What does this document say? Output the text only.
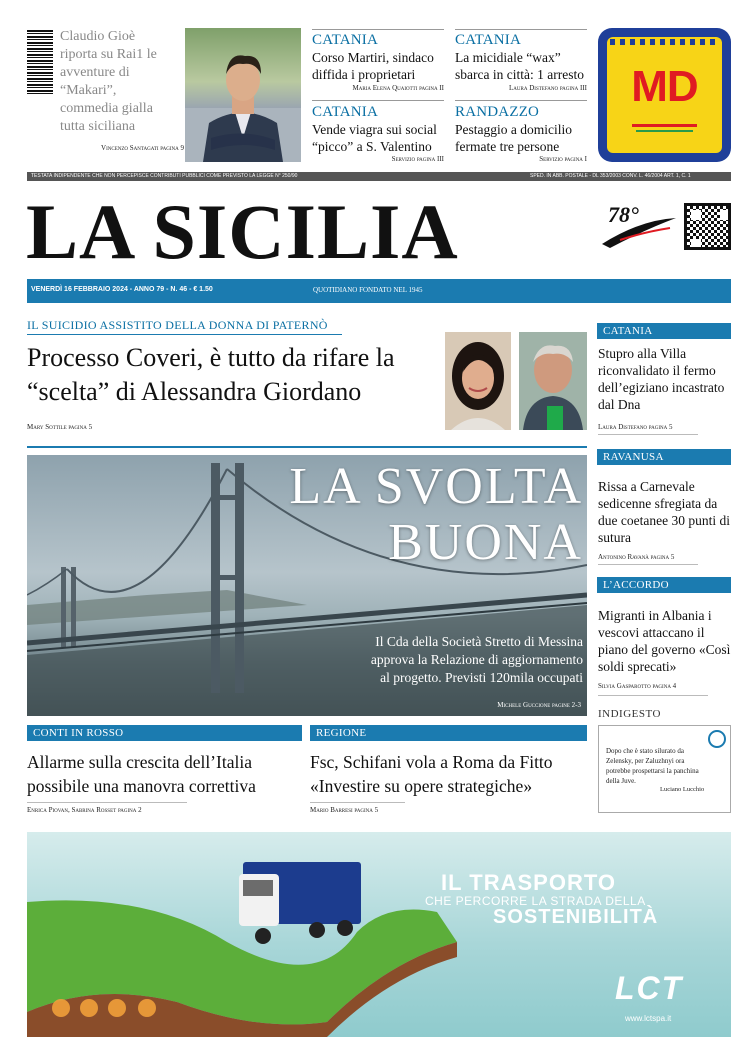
Claudio Gioè riporta su Rai1 le avventure di “Makari”, commedia gialla tutta siciliana
Vincenzo Santagati pagina 9
CATANIA
Corso Martiri, sindaco diffida i proprietari
Maria Elena Quaiotti pagina II
CATANIA
La micidiale “wax” sbarca in città: 1 arresto
Laura Distefano pagina III
CATANIA
Vende viagra sui social “picco” a S. Valentino
Servizio pagina III
RANDAZZO
Pestaggio a domicilio fermate tre persone
Servizio pagina I
MD
TESTATA INDIPENDENTE CHE NON PERCEPISCE CONTRIBUTI PUBBLICI COME PREVISTO LA LEGGE N° 250/90	SPED. IN ABB. POSTALE - DL 353/2003 CONV. L. 46/2004 ART. 1, C. 1
LA SICILIA	78°
VENERDÌ 16 FEBBRAIO 2024 - ANNO 79 - N. 46 - € 1.50	QUOTIDIANO FONDATO NEL 1945
IL SUICIDIO ASSISTITO DELLA DONNA DI PATERNÒ
Processo Coveri, è tutto da rifare la “scelta” di Alessandra Giordano
Mary Sottile pagina 5
LA SVOLTA
BUONA
Il Cda della Società Stretto di Messina
approva la Relazione di aggiornamento
al progetto. Previsti 120mila occupati
Michele Guccione pagine 2-3
CATANIA
Stupro alla Villa riconvalidato il fermo dell’egiziano incastrato dal Dna
Laura Distefano pagina 5
RAVANUSA
Rissa a Carnevale sedicenne sfregiata da due coetanee 30 punti di sutura
Antonino Ravanà pagina 5
L’ACCORDO
Migranti in Albania i vescovi attaccano il piano del governo «Così soldi sprecati»
Silvia Gasparotto pagina 4
INDIGESTO
Dopo che è stato silurato da Zelensky, per Zaluzhnyi ora potrebbe prospettarsi la panchina della Juve.
Luciano Lucchio
CONTI IN ROSSO
Allarme sulla crescita dell’Italia possibile una manovra correttiva
Enrica Piovan, Sabrina Rosset pagina 2
REGIONE
Fsc, Schifani vola a Roma da Fitto «Investire su opere strategiche»
Mario Barresi pagina 5
IL TRASPORTO
CHE PERCORRE LA STRADA DELLA
SOSTENIBILITÀ
LCT
www.lctspa.it
